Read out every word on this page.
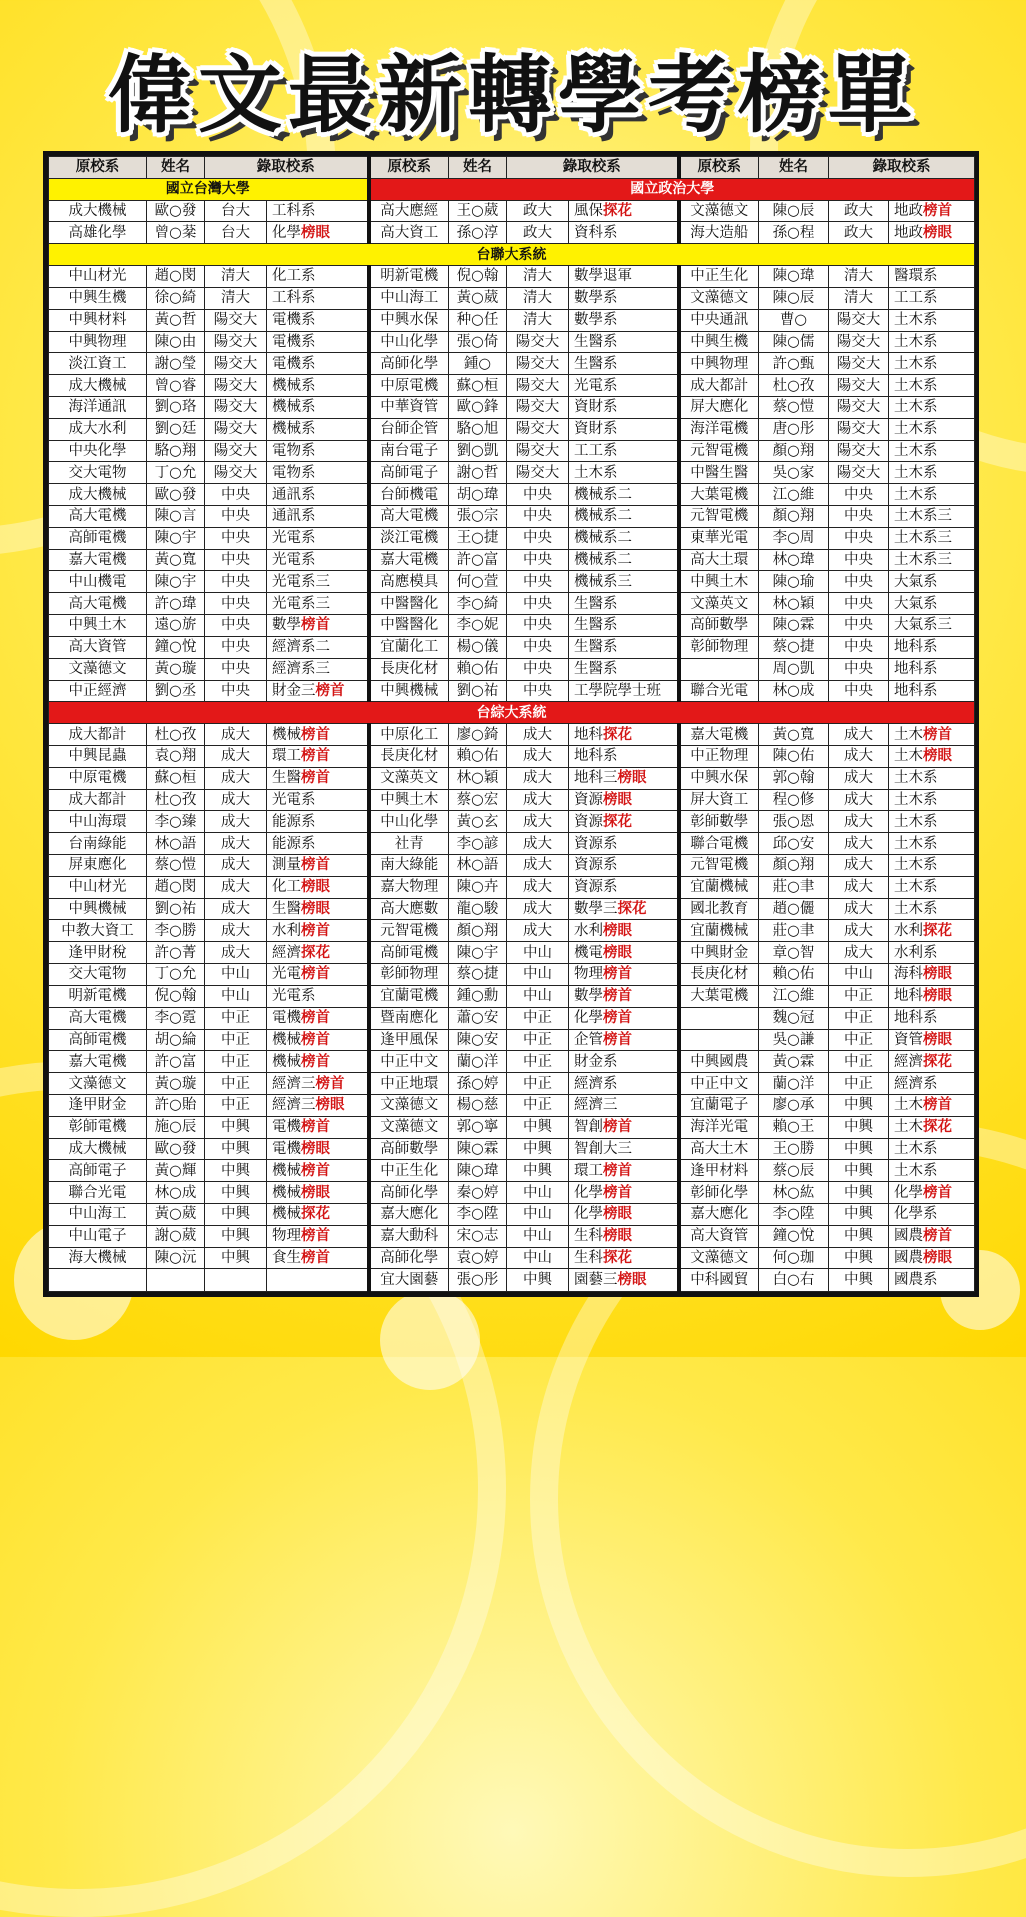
偉文最新轉學考榜單
原校系	姓名	錄取校系		原校系	姓名	錄取校系		原校系	姓名	錄取校系	
國立台灣大學				國立政治大學							
成大機械	歐○發	台大	工科系	高大應經	王○葳	政大	風保探花	文藻德文	陳○辰	政大	地政榜首
高雄化學	曾○棻	台大	化學榜眼	高大資工	孫○淳	政大	資科系	海大造船	孫○程	政大	地政榜眼
台聯大系統											
中山材光	趙○閔	清大	化工系	明新電機	倪○翰	清大	數學退軍	中正生化	陳○瑋	清大	醫環系
中興生機	徐○綺	清大	工科系	中山海工	黃○葳	清大	數學系	文藻德文	陳○辰	清大	工工系
中興材料	黃○哲	陽交大	電機系	中興水保	种○任	清大	數學系	中央通訊	曹○	陽交大	土木系
中興物理	陳○由	陽交大	電機系	中山化學	張○倚	陽交大	生醫系	中興生機	陳○儒	陽交大	土木系
淡江資工	謝○瑩	陽交大	電機系	高師化學	鍾○	陽交大	生醫系	中興物理	許○甄	陽交大	土木系
成大機械	曾○睿	陽交大	機械系	中原電機	蘇○桓	陽交大	光電系	成大都計	杜○孜	陽交大	土木系
海洋通訊	劉○珞	陽交大	機械系	中華資管	歐○鋒	陽交大	資財系	屏大應化	蔡○愷	陽交大	土木系
成大水利	劉○廷	陽交大	機械系	台師企管	駱○旭	陽交大	資財系	海洋電機	唐○彤	陽交大	土木系
中央化學	駱○翔	陽交大	電物系	南台電子	劉○凱	陽交大	工工系	元智電機	顏○翔	陽交大	土木系
交大電物	丁○允	陽交大	電物系	高師電子	謝○哲	陽交大	土木系	中醫生醫	吳○家	陽交大	土木系
成大機械	歐○發	中央	通訊系	台師機電	胡○瑋	中央	機械系二	大葉電機	江○維	中央	土木系
高大電機	陳○言	中央	通訊系	高大電機	張○宗	中央	機械系二	元智電機	顏○翔	中央	土木系三
高師電機	陳○宇	中央	光電系	淡江電機	王○捷	中央	機械系二	東華光電	李○周	中央	土木系三
嘉大電機	黃○寬	中央	光電系	嘉大電機	許○富	中央	機械系二	高大土環	林○瑋	中央	土木系三
中山機電	陳○宇	中央	光電系三	高應模具	何○萱	中央	機械系三	中興土木	陳○瑜	中央	大氣系
高大電機	許○瑋	中央	光電系三	中醫醫化	李○綺	中央	生醫系	文藻英文	林○穎	中央	大氣系
中興土木	遠○旂	中央	數學榜首	中醫醫化	李○妮	中央	生醫系	高師數學	陳○霖	中央	大氣系三
高大資管	鐘○悅	中央	經濟系二	宜蘭化工	楊○儀	中央	生醫系	彰師物理	蔡○捷	中央	地科系
文藻德文	黃○璇	中央	經濟系三	長庚化材	賴○佑	中央	生醫系		周○凱	中央	地科系
中正經濟	劉○丞	中央	財金三榜首	中興機械	劉○祐	中央	工學院學士班	聯合光電	林○成	中央	地科系
台綜大系統											
成大都計	杜○孜	成大	機械榜首	中原化工	廖○錡	成大	地科探花	嘉大電機	黃○寬	成大	土木榜首
中興昆蟲	袁○翔	成大	環工榜首	長庚化材	賴○佑	成大	地科系	中正物理	陳○佑	成大	土木榜眼
中原電機	蘇○桓	成大	生醫榜首	文藻英文	林○穎	成大	地科三榜眼	中興水保	郭○翰	成大	土木系
成大都計	杜○孜	成大	光電系	中興土木	蔡○宏	成大	資源榜眼	屏大資工	程○修	成大	土木系
中山海環	李○臻	成大	能源系	中山化學	黃○玄	成大	資源探花	彰師數學	張○恩	成大	土木系
台南綠能	林○語	成大	能源系	社青	李○諺	成大	資源系	聯合電機	邱○安	成大	土木系
屏東應化	蔡○愷	成大	測量榜首	南大綠能	林○語	成大	資源系	元智電機	顏○翔	成大	土木系
中山材光	趙○閔	成大	化工榜眼	嘉大物理	陳○卉	成大	資源系	宜蘭機械	莊○聿	成大	土木系
中興機械	劉○祐	成大	生醫榜眼	高大應數	龍○駿	成大	數學三探花	國北教育	趙○儷	成大	土木系
中教大資工	李○勝	成大	水利榜首	元智電機	顏○翔	成大	水利榜眼	宜蘭機械	莊○聿	成大	水利探花
逢甲財稅	許○菁	成大	經濟探花	高師電機	陳○宇	中山	機電榜眼	中興財金	章○智	成大	水利系
交大電物	丁○允	中山	光電榜首	彰師物理	蔡○捷	中山	物理榜首	長庚化材	賴○佑	中山	海科榜眼
明新電機	倪○翰	中山	光電系	宜蘭電機	鍾○勳	中山	數學榜首	大葉電機	江○維	中正	地科榜眼
高大電機	李○霓	中正	電機榜首	暨南應化	蕭○安	中正	化學榜首		魏○冠	中正	地科系
高師電機	胡○綸	中正	機械榜首	逢甲風保	陳○安	中正	企管榜首		吳○謙	中正	資管榜眼
嘉大電機	許○富	中正	機械榜首	中正中文	蘭○洋	中正	財金系	中興國農	黃○霖	中正	經濟探花
文藻德文	黃○璇	中正	經濟三榜首	中正地環	孫○婷	中正	經濟系	中正中文	蘭○洋	中正	經濟系
逢甲財金	許○貽	中正	經濟三榜眼	文藻德文	楊○慈	中正	經濟三	宜蘭電子	廖○承	中興	土木榜首
彰師電機	施○辰	中興	電機榜首	文藻德文	郭○寧	中興	智創榜首	海洋光電	賴○王	中興	土木探花
成大機械	歐○發	中興	電機榜眼	高師數學	陳○霖	中興	智創大三	高大土木	王○勝	中興	土木系
高師電子	黃○輝	中興	機械榜首	中正生化	陳○瑋	中興	環工榜首	逢甲材料	蔡○辰	中興	土木系
聯合光電	林○成	中興	機械榜眼	高師化學	秦○婷	中山	化學榜首	彰師化學	林○紘	中興	化學榜首
中山海工	黃○葳	中興	機械探花	嘉大應化	李○陞	中山	化學榜眼	嘉大應化	李○陞	中興	化學系
中山電子	謝○葳	中興	物理榜首	嘉大動科	宋○志	中山	生科榜眼	高大資管	鐘○悅	中興	國農榜首
海大機械	陳○沅	中興	食生榜首	高師化學	袁○婷	中山	生科探花	文藻德文	何○珈	中興	國農榜眼
				宜大園藝	張○彤	中興	園藝三榜眼	中科國貿	白○右	中興	國農系
